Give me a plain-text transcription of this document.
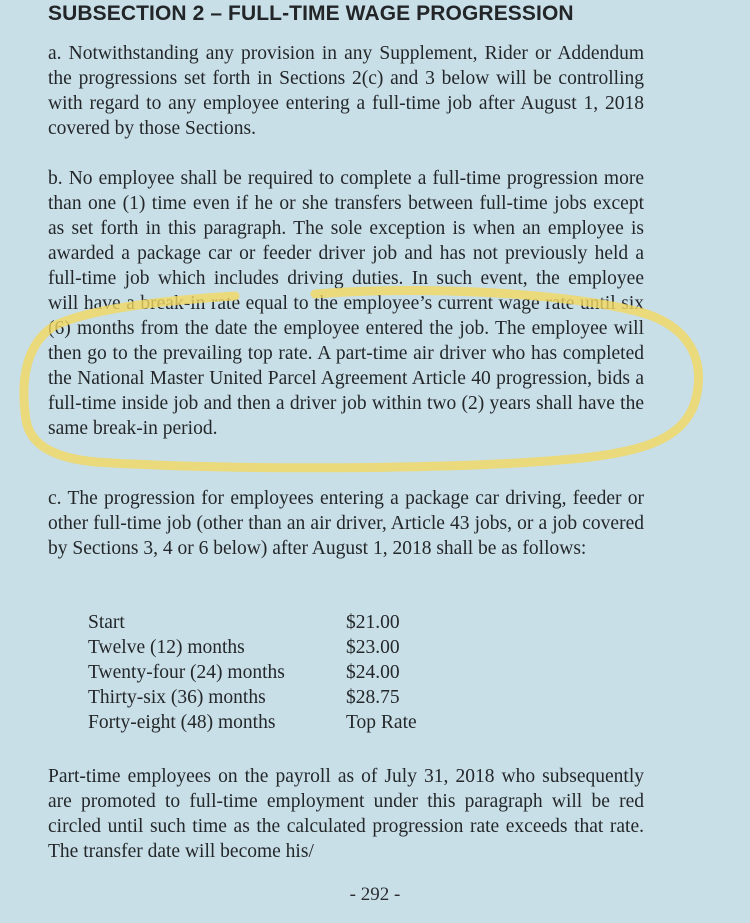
SUBSECTION 2 – FULL-TIME WAGE PROGRESSION
a. Notwithstanding any provision in any Supplement, Rider or Addendum the progressions set forth in Sections 2(c) and 3 below will be controlling with regard to any employee entering a full-time job after August 1, 2018 covered by those Sections.
b. No employee shall be required to complete a full-time progression more than one (1) time even if he or she transfers between full-time jobs except as set forth in this paragraph. The sole exception is when an employee is awarded a package car or feeder driver job and has not previously held a full-time job which includes driving duties. In such event, the employee will have a break-in rate equal to the employee’s current wage rate until six (6) months from the date the employee entered the job. The employee will then go to the prevailing top rate. A part-time air driver who has completed the National Master United Parcel Agreement Article 40 progression, bids a full-time inside job and then a driver job within two (2) years shall have the same break-in period.
c. The progression for employees entering a package car driving, feeder or other full-time job (other than an air driver, Article 43 jobs, or a job covered by Sections 3, 4 or 6 below) after August 1, 2018 shall be as follows:
Start	$21.00
Twelve (12) months	$23.00
Twenty-four (24) months	$24.00
Thirty-six (36) months	$28.75
Forty-eight (48) months	Top Rate
Part-time employees on the payroll as of July 31, 2018 who subsequently are promoted to full-time employment under this paragraph will be red circled until such time as the calculated progression rate exceeds that rate. The transfer date will become his/
- 292 -
